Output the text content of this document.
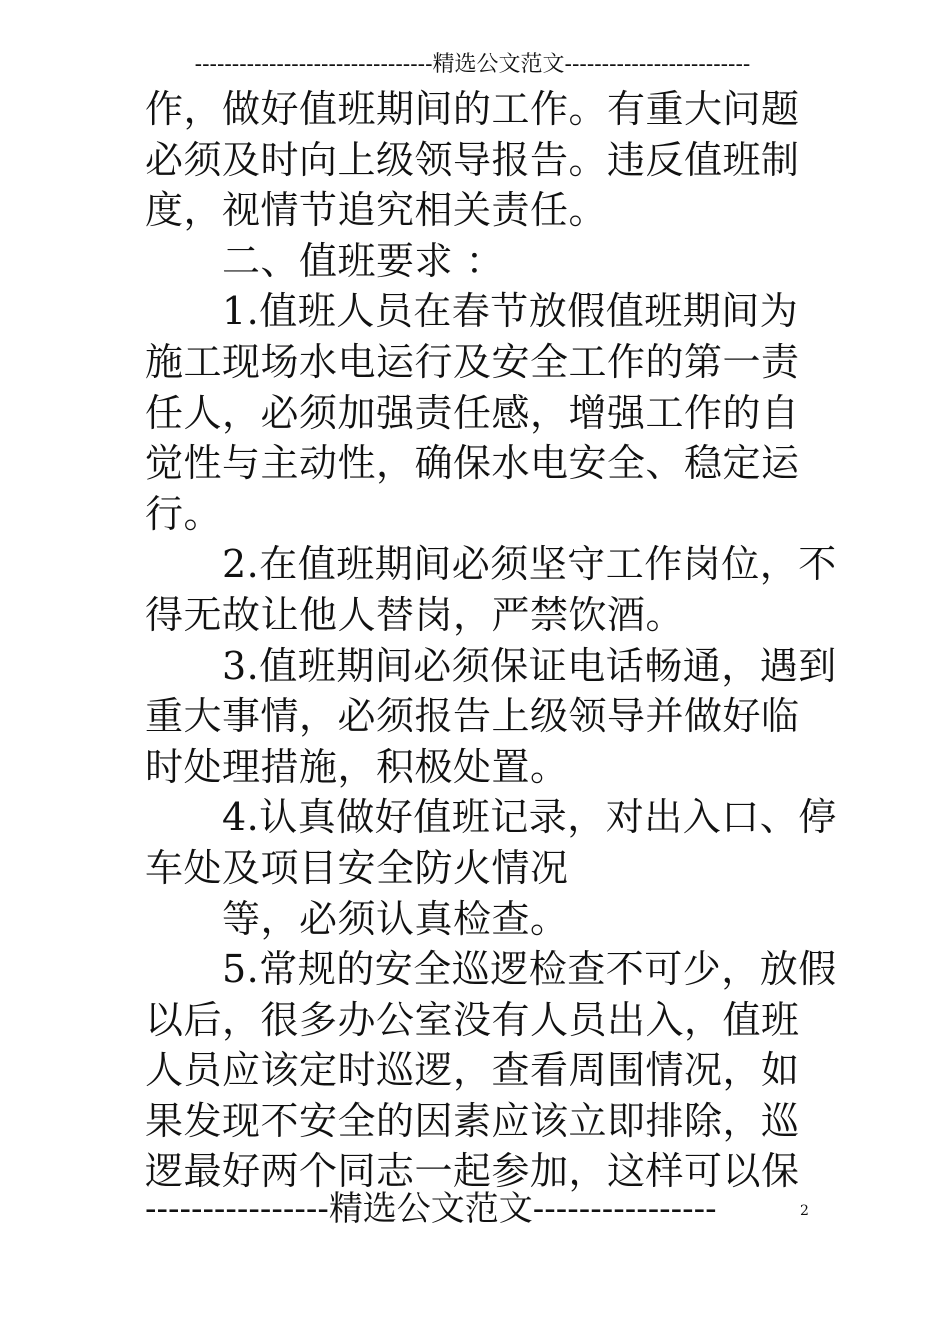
--------------------------------精选公文范文-------------------------
作，做好值班期间的工作。有重大问题
必须及时向上级领导报告。违反值班制
度，视情节追究相关责任。
二、值班要求 ：
1.值班人员在春节放假值班期间为
施工现场水电运行及安全工作的第一责
任人，必须加强责任感，增强工作的自
觉性与主动性，确保水电安全、稳定运
行。
2.在值班期间必须坚守工作岗位，不
得无故让他人替岗，严禁饮酒。
3.值班期间必须保证电话畅通，遇到
重大事情，必须报告上级领导并做好临
时处理措施，积极处置。
4.认真做好值班记录，对出入口、停
车处及项目安全防火情况
等，必须认真检查。
5.常规的安全巡逻检查不可少，放假
以后，很多办公室没有人员出入，值班
人员应该定时巡逻，查看周围情况，如
果发现不安全的因素应该立即排除，巡
逻最好两个同志一起参加，这样可以保
----------------精选公文范文----------------	2
